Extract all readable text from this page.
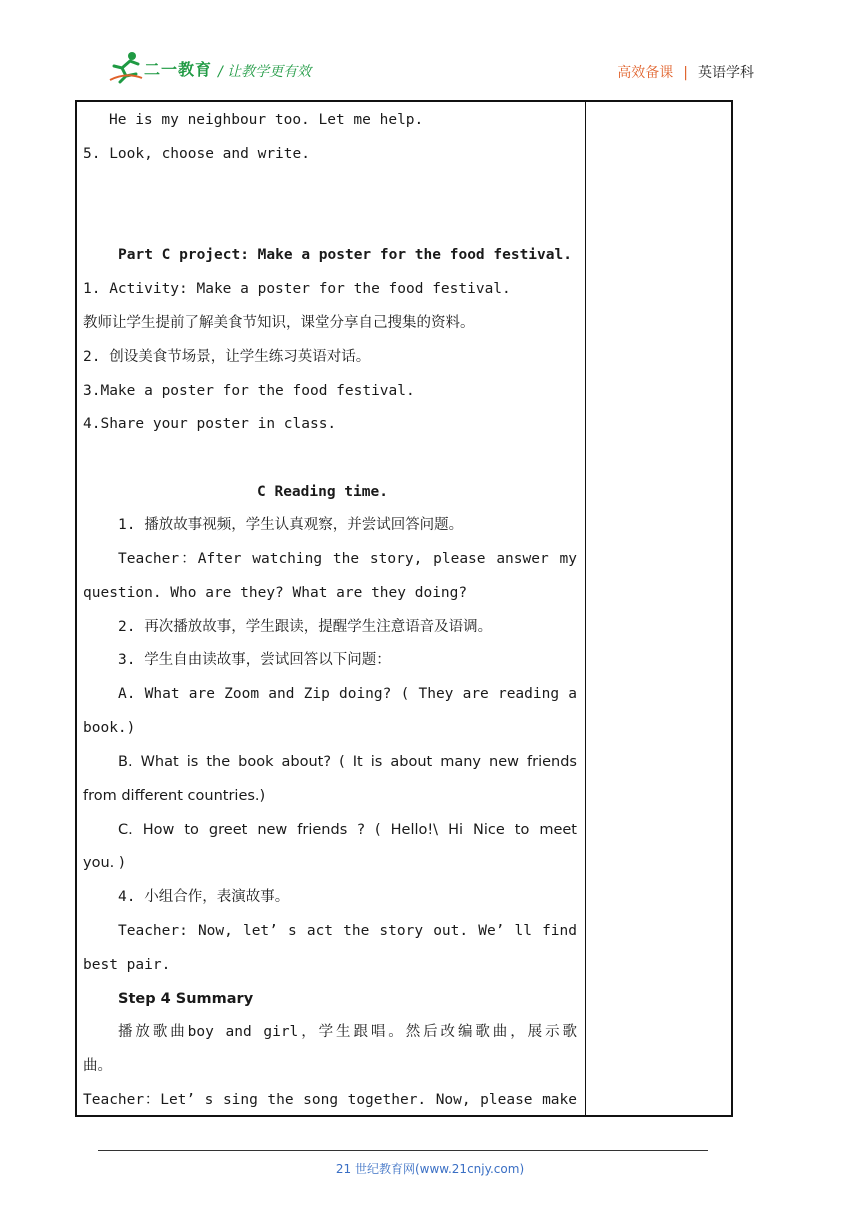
二一教育 / 让教学更有效	高效备课 | 英语学科
He is my neighbour too. Let me help.
5. Look, choose and write.
Part C project: Make a poster for the food festival.
1. Activity: Make a poster for the food festival.
教师让学生提前了解美食节知识，课堂分享自己搜集的资料。
2. 创设美食节场景，让学生练习英语对话。
3.Make a poster for the food festival.
4.Share your poster in class.
C Reading time.
1. 播放故事视频，学生认真观察，并尝试回答问题。
Teacher：After watching the story, please answer my
question. Who are they? What are they doing?
2. 再次播放故事，学生跟读，提醒学生注意语音及语调。
3. 学生自由读故事，尝试回答以下问题：
A. What are Zoom and Zip doing? ( They are reading a
book.)
B. What is the book about? ( It is about many new friends
from different countries.)
C. How to greet new friends ? ( Hello!\ Hi Nice to meet
you. )
4. 小组合作，表演故事。
Teacher: Now, let’ s act the story out. We’ ll find
best pair.
Step 4 Summary
播放歌曲boy and girl，学生跟唱。然后改编歌曲，展示歌
曲。
Teacher：Let’ s sing the song together. Now, please make
21 世纪教育网(www.21cnjy.com)
